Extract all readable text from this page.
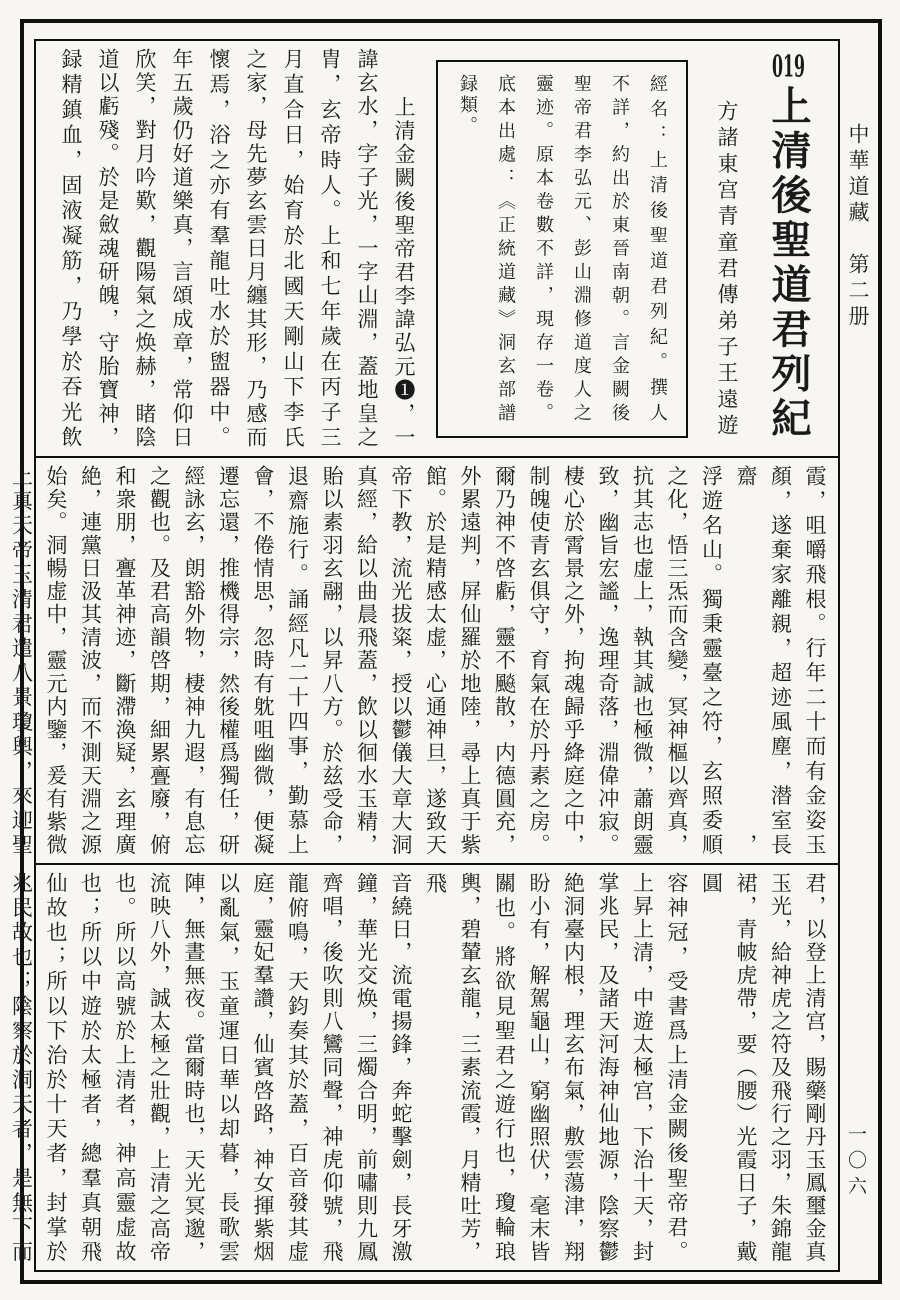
019上清後聖道君列紀
方諸東宫青童君傳弟子王遠遊

經名：上清後聖道君列紀。撰人

不詳，約出於東晉南朝。言金闕後

聖帝君李弘元、彭山淵修道度人之

靈迹。原本卷數不詳，現存一卷。

底本出處：《正統道藏》洞玄部譜

録類。

上清金闕後聖帝君李諱弘元❶，一

諱玄水，字子光，一字山淵，蓋地皇之

胄，玄帝時人。上和七年歲在丙子三

月直合日，始育於北國天剛山下李氏

之家，母先夢玄雲日月纏其形，乃感而

懷焉，浴之亦有羣龍吐水於盥器中。

年五歲仍好道樂真，言頌成章，常仰日

欣笑，對月吟歎，觀陽氣之焕赫，睹陰

道以虧殘。於是斂魂研魄，守胎寶神，

録精鎮血，固液凝筋，乃學於吞光飲

霞，咀嚼飛根。行年二十而有金姿玉

顏，遂棄家離親，超迹風塵，潜室長齋，

浮遊名山。獨秉靈臺之符，玄照委順

之化，悟三炁而含變，冥神樞以齊真，

抗其志也虚上，執其誠也極微，蕭朗靈

致，幽旨宏謐，逸理奇落，淵偉冲寂。

棲心於霄景之外，拘魂歸乎絳庭之中，

制魄使青玄俱守，育氣在於丹素之房。

爾乃神不啓虧，靈不飈散，内德圓充，

外累遠判，屏仙羅於地陸，尋上真于紫

館。於是精感太虚，心通神旦，遂致天

帝下教，流光拔粢，授以鬱儀大章大洞

真經，給以曲晨飛蓋，飲以徊水玉精，

貽以素羽玄翮，以昇八方。於兹受命，

退齋施行。誦經凡二十四事，勤慕上

會，不倦情思，忽時有躭咀幽微，便凝

遷忘還，推機得宗，然後權爲獨任，研

經詠玄，朗豁外物，棲神九遐，有息忘

之觀也。及君高韻啓期，細累亹廢，俯

和衆朋，亹革神迹，斷滯渙疑，玄理廣

絶，連黨日汲其清波，而不測天淵之源

始矣。洞暢虚中，靈元内鑒，爰有紫微

上真天帝玉清君遣八景瓊輿，來迎聖

君，以登上清宫，賜藥剛丹玉鳳璽金真

玉光，給神虎之符及飛行之羽，朱錦龍

裙，青帔虎帶，要（腰）光霞日子，戴圓

容神冠，受書爲上清金闕後聖帝君。

上昇上清，中遊太極宫，下治十天，封

掌兆民，及諸天河海神仙地源，陰察鬱

絶洞臺内根，理玄布氣，敷雲蕩津，翔

盼小有，解駕龜山，窮幽照伏，毫末皆

關也。將欲見聖君之遊行也，瓊輪琅

輿，碧輦玄龍，三素流霞，月精吐芳，飛

音繞日，流電揚鋒，奔蛇擊劍，長牙激

鐘，華光交焕，三燭合明，前嘯則九鳳

齊唱，後吹則八鸞同聲，神虎仰號，飛

龍俯鳴，天鈞奏其於蓋，百音發其虚

庭，靈妃羣讚，仙賓啓路，神女揮紫烟

以亂氣，玉童運日華以却暮，長歌雲

陣，無晝無夜。當爾時也，天光冥邈，

流映八外，誠太極之壯觀，上清之高帝

也。所以高號於上清者，神高靈虚故

也；所以中遊於太極者，總羣真朝飛

仙故也；所以下治於十天者，封掌於

兆民故也；陰察於洞天者，是無下而

中華道藏　第二册
一〇六
